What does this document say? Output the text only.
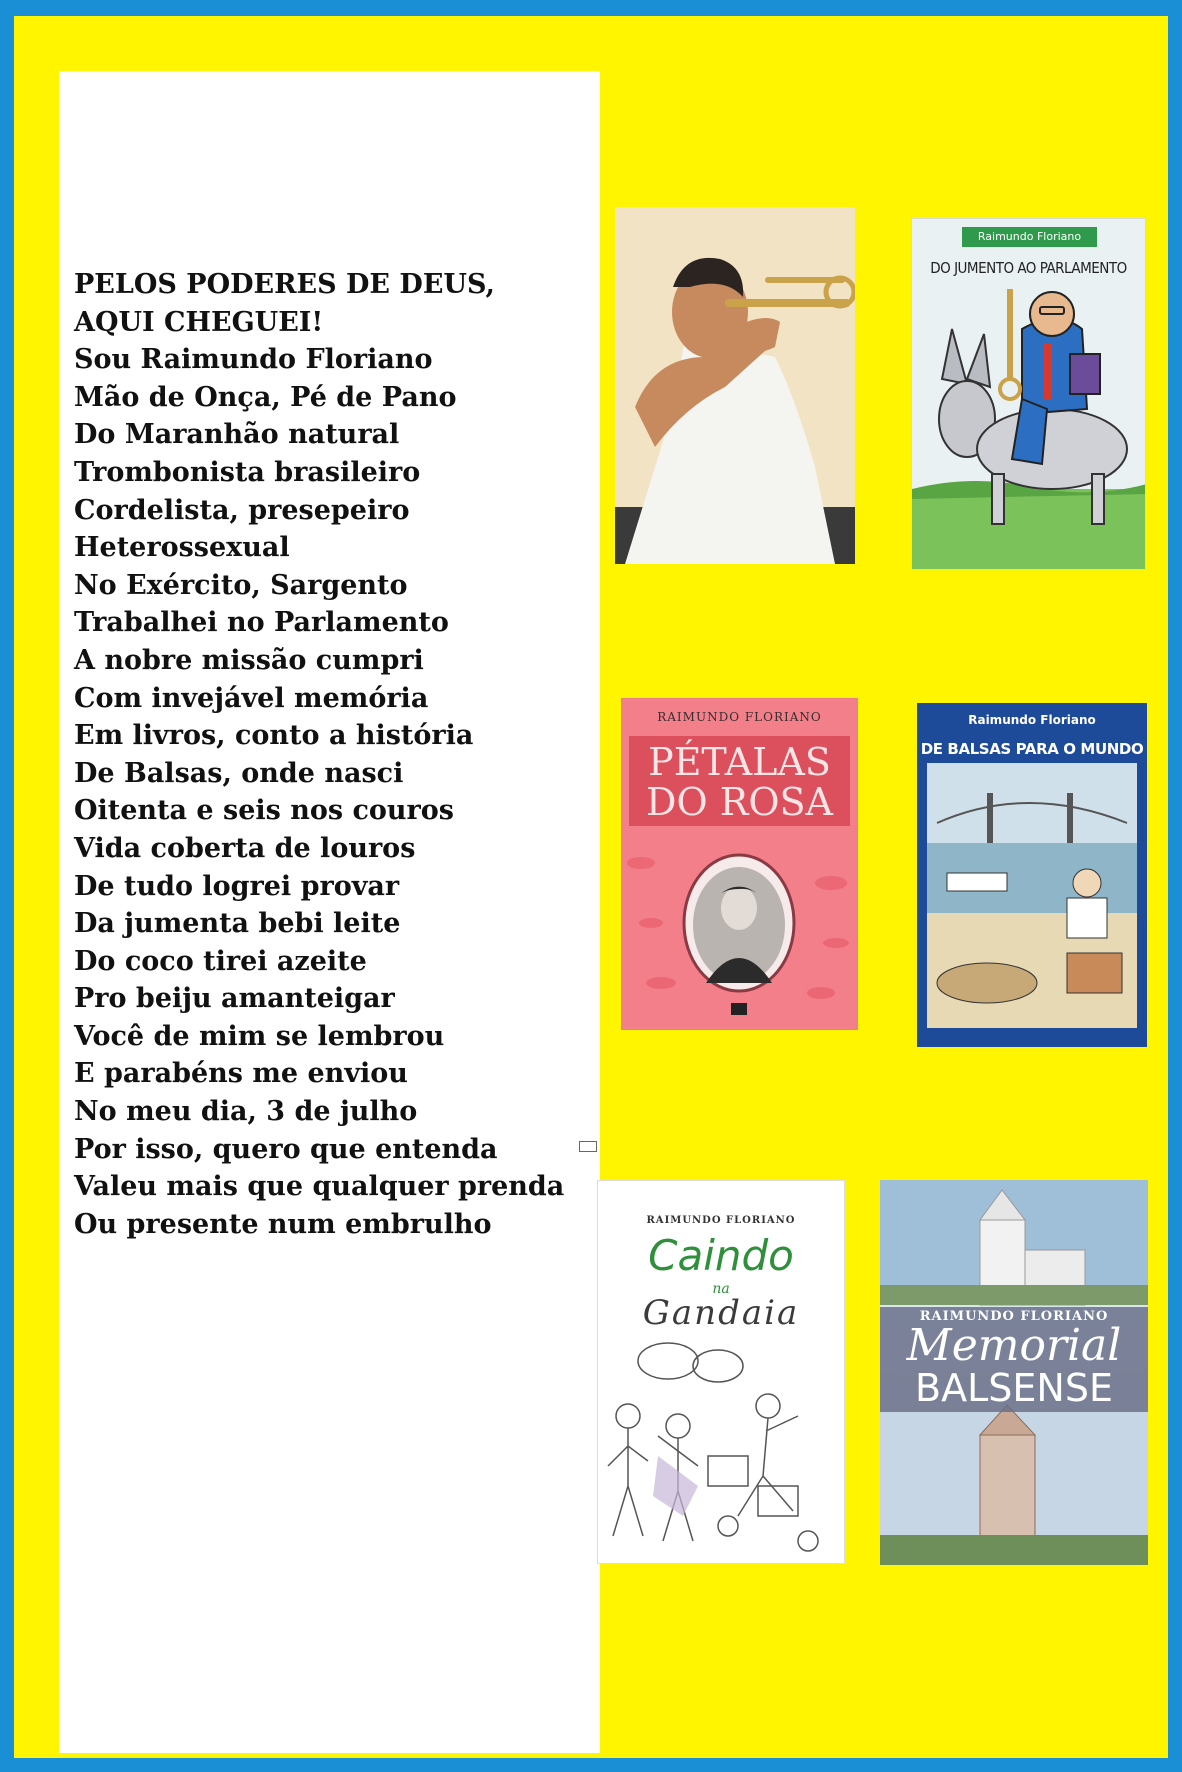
PELOS PODERES DE DEUS,
AQUI CHEGUEI!
Sou Raimundo Floriano
Mão de Onça, Pé de Pano
Do Maranhão natural
Trombonista brasileiro
Cordelista, presepeiro
Heterossexual
No Exército, Sargento
Trabalhei no Parlamento
A nobre missão cumpri
Com invejável memória
Em livros, conto a história
De Balsas, onde nasci
Oitenta e seis nos couros
Vida coberta de louros
De tudo logrei provar
Da jumenta bebi leite
Do coco tirei azeite
Pro beiju amanteigar
Você de mim se lembrou
E parabéns me enviou
No meu dia, 3 de julho
Por isso, quero que entenda
Valeu mais que qualquer prenda
Ou presente num embrulho
Raimundo Floriano
DO JUMENTO AO PARLAMENTO
RAIMUNDO FLORIANO
PÉTALAS
DO ROSA
Raimundo Floriano
DE BALSAS PARA O MUNDO
RAIMUNDO FLORIANO
Caindo
na
Gandaia	RAIMUNDO FLORIANO
Memorial
BALSENSE
